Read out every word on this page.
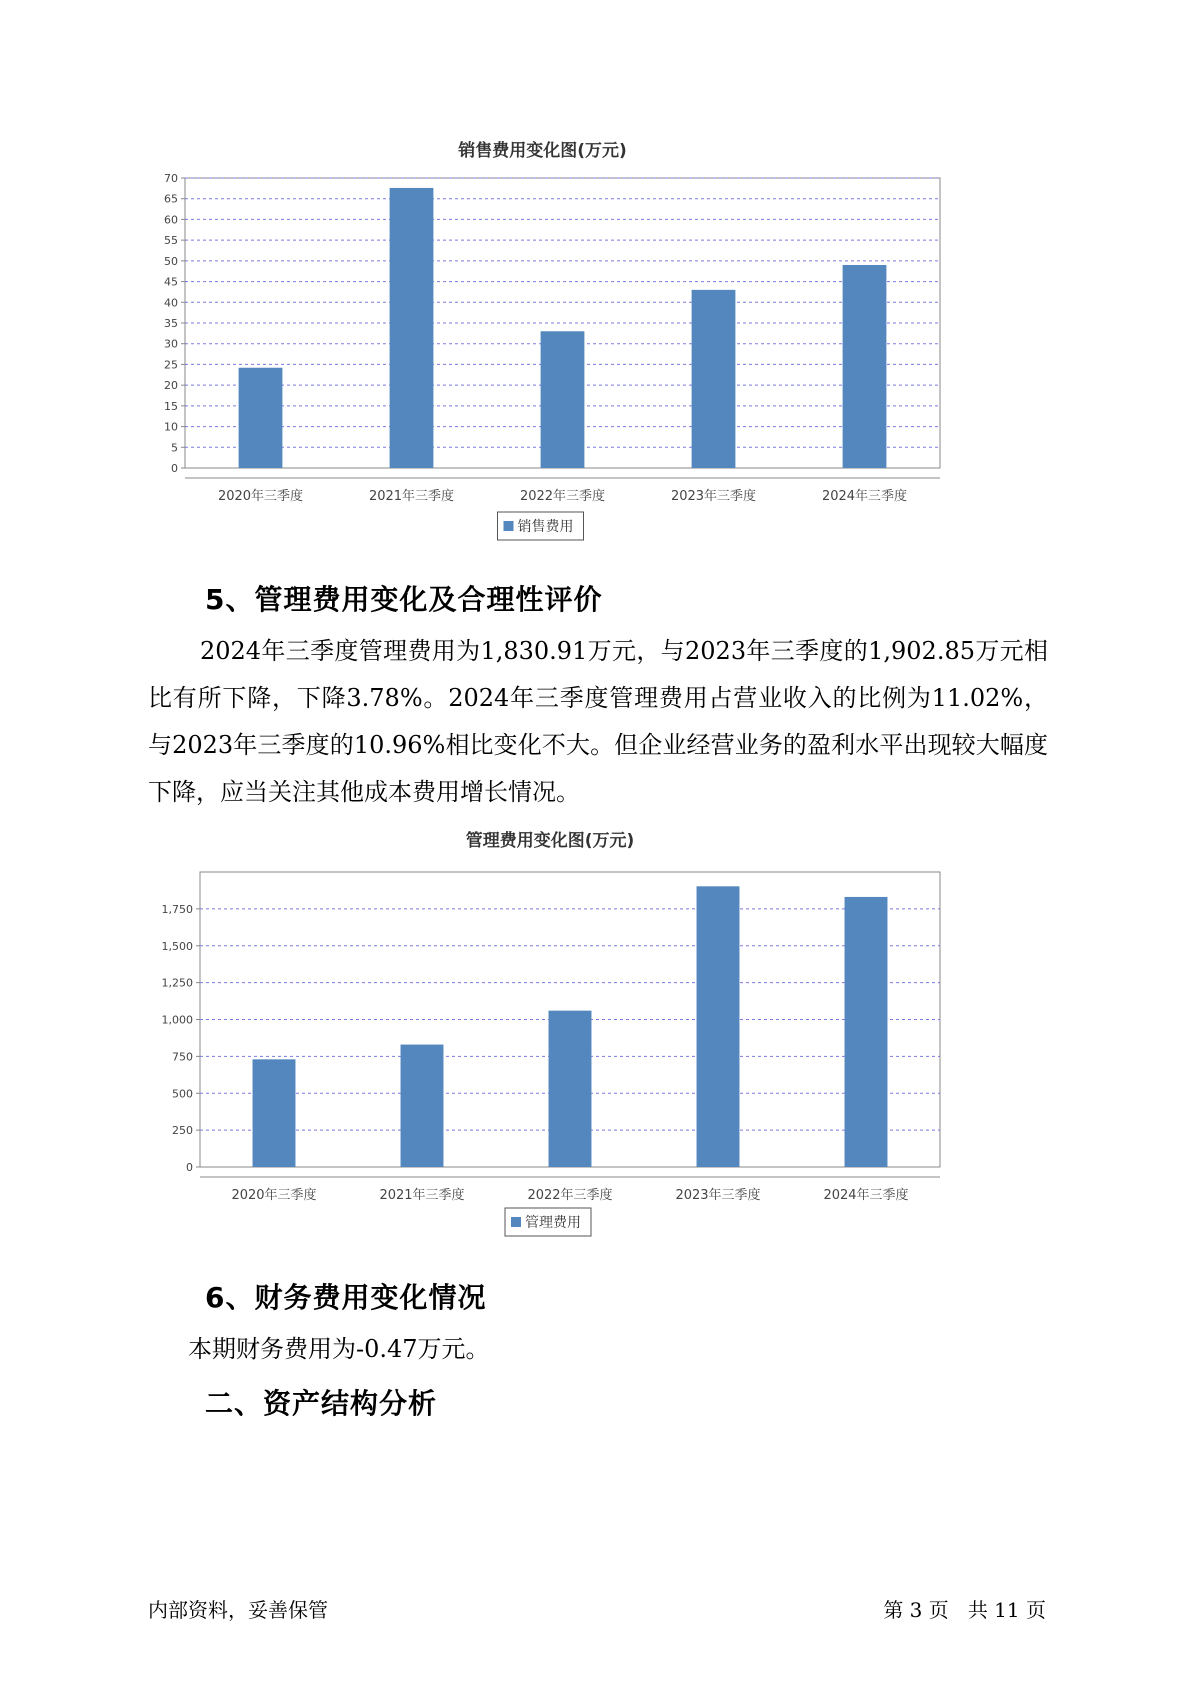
销售费用变化图(万元)
0
5
10
15
20
25
30
35
40
45
50
55
60
65
70
2020年三季度	2021年三季度	2022年三季度	2023年三季度	2024年三季度
销售费用
5、管理费用变化及合理性评价
2024年三季度管理费用为1,830.91万元，与2023年三季度的1,902.85万元相比有所下降，下降3.78%。2024年三季度管理费用占营业收入的比例为11.02%，与2023年三季度的10.96%相比变化不大。但企业经营业务的盈利水平出现较大幅度下降，应当关注其他成本费用增长情况。
管理费用变化图(万元)
0
250
500
750
1,000
1,250
1,500
1,750
2020年三季度	2021年三季度	2022年三季度	2023年三季度	2024年三季度
管理费用
6、财务费用变化情况
本期财务费用为-0.47万元。
二、资产结构分析
内部资料，妥善保管	第 3 页   共 11 页
